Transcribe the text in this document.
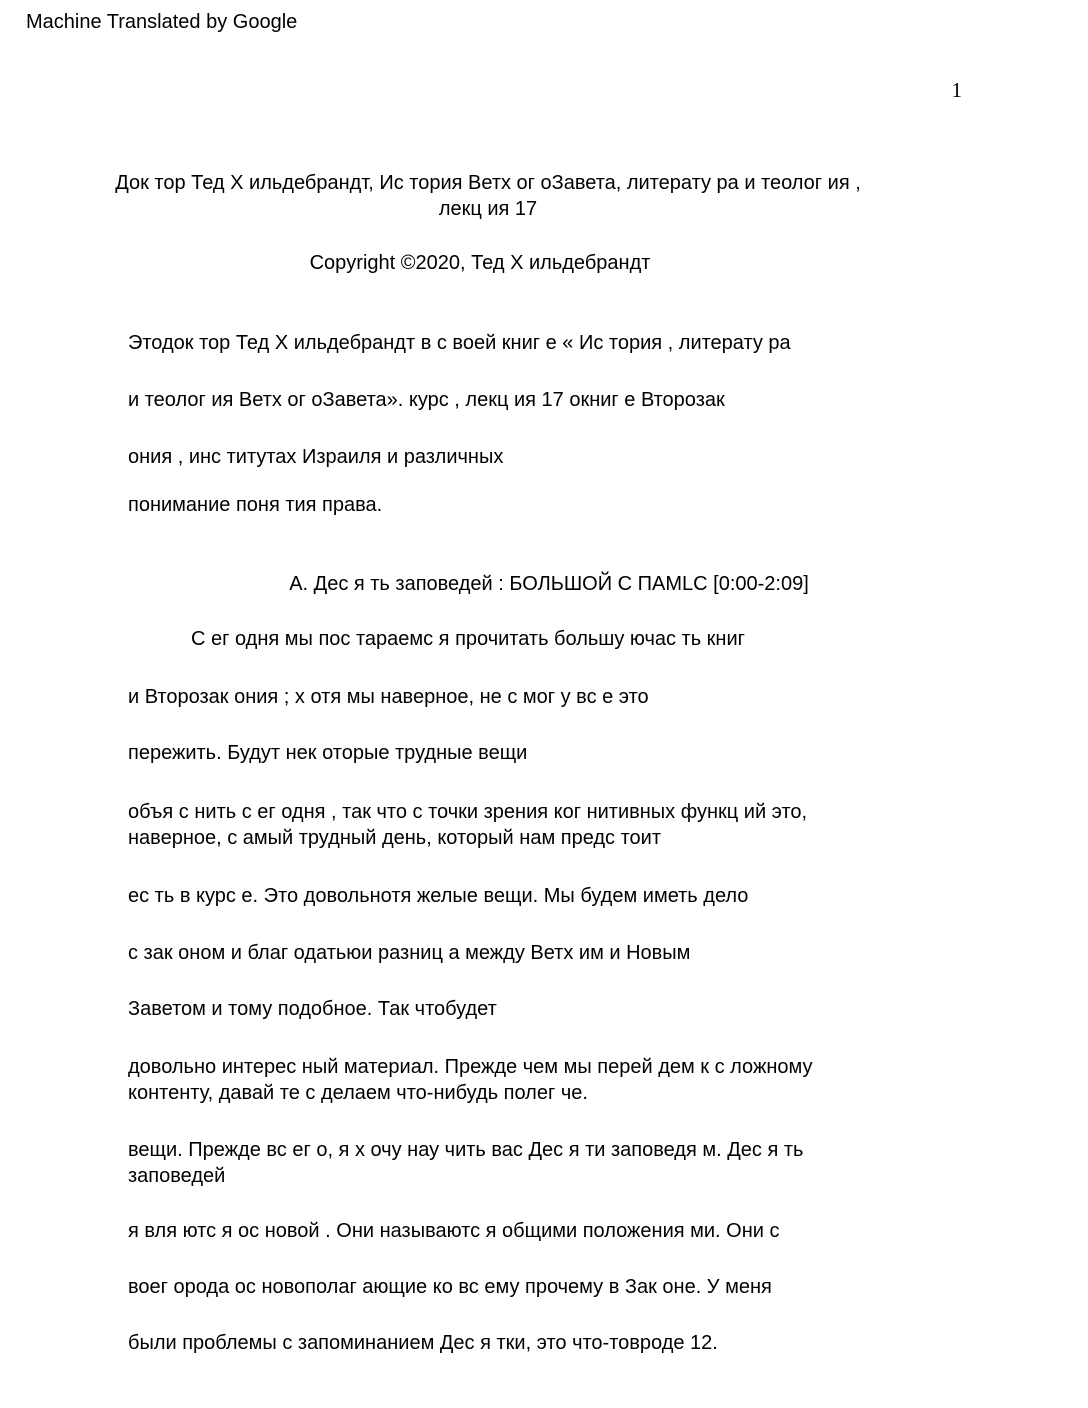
Machine Translated by Google
1
Док тор Тед Х ильдебрандт, Ис тория Ветх ог оЗавета, литерату ра и теолог ия ,
лекц ия 17
Copyright ©2020, Тед Х ильдебрандт
Этодок тор Тед Х ильдебрандт в с воей книг е « Ис тория , литерату ра
и теолог ия Ветх ог оЗавета». курс , лекц ия 17 окниг е Второзак
ония , инс титутах Израиля и различных
понимание поня тия права.
А. Дес я ть заповедей : БОЛЬШОЙ С ПАМLC [0:00-2:09]
С ег одня мы пос тараемс я прочитать большу ючас ть книг
и Второзак ония ; х отя мы наверное, не с мог у вс е это
пережить. Будут нек оторые трудные вещи
объя с нить с ег одня , так что с точки зрения ког нитивных функц ий это,
наверное, с амый трудный день, который нам предс тоит
ес ть в курс е. Это довольнотя желые вещи. Мы будем иметь дело
с зак оном и благ одатьюи разниц а между Ветх им и Новым
Заветом и тому подобное. Так чтобудет
довольно интерес ный материал. Прежде чем мы перей дем к с ложному
контенту, давай те с делаем что-нибудь полег че.
вещи. Прежде вс ег о, я х очу нау чить вас Дес я ти заповедя м. Дес я ть
заповедей
я вля ютс я ос новой . Они называютс я общими положения ми. Они с
воег орода ос новополаг ающие ко вс ему прочему в Зак оне. У меня
были проблемы с запоминанием Дес я тки, это что-товроде 12.
